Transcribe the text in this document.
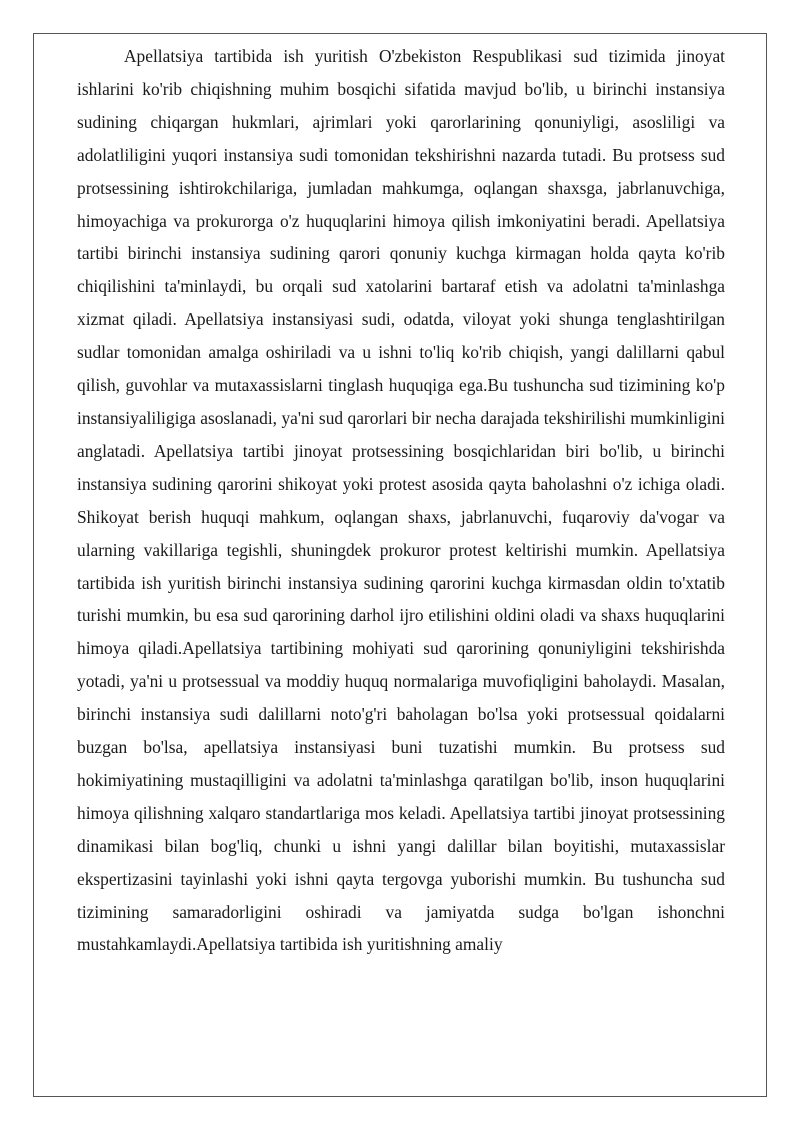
Apellatsiya tartibida ish yuritish O'zbekiston Respublikasi sud tizimida jinoyat ishlarini ko'rib chiqishning muhim bosqichi sifatida mavjud bo'lib, u birinchi instansiya sudining chiqargan hukmlari, ajrimlari yoki qarorlarining qonuniyligi, asosliligi va adolatliligini yuqori instansiya sudi tomonidan tekshirishni nazarda tutadi. Bu protsess sud protsessining ishtirokchilariga, jumladan mahkumga, oqlangan shaxsga, jabrlanuvchiga, himoyachiga va prokurorga o'z huquqlarini himoya qilish imkoniyatini beradi. Apellatsiya tartibi birinchi instansiya sudining qarori qonuniy kuchga kirmagan holda qayta ko'rib chiqilishini ta'minlaydi, bu orqali sud xatolarini bartaraf etish va adolatni ta'minlashga xizmat qiladi. Apellatsiya instansiyasi sudi, odatda, viloyat yoki shunga tenglashtirilgan sudlar tomonidan amalga oshiriladi va u ishni to'liq ko'rib chiqish, yangi dalillarni qabul qilish, guvohlar va mutaxassislarni tinglash huquqiga ega.Bu tushuncha sud tizimining ko'p instansiyaliligiga asoslanadi, ya'ni sud qarorlari bir necha darajada tekshirilishi mumkinligini anglatadi. Apellatsiya tartibi jinoyat protsessining bosqichlaridan biri bo'lib, u birinchi instansiya sudining qarorini shikoyat yoki protest asosida qayta baholashni o'z ichiga oladi. Shikoyat berish huquqi mahkum, oqlangan shaxs, jabrlanuvchi, fuqaroviy da'vogar va ularning vakillariga tegishli, shuningdek prokuror protest keltirishi mumkin. Apellatsiya tartibida ish yuritish birinchi instansiya sudining qarorini kuchga kirmasdan oldin to'xtatib turishi mumkin, bu esa sud qarorining darhol ijro etilishini oldini oladi va shaxs huquqlarini himoya qiladi.Apellatsiya tartibining mohiyati sud qarorining qonuniyligini tekshirishda yotadi, ya'ni u protsessual va moddiy huquq normalariga muvofiqligini baholaydi. Masalan, birinchi instansiya sudi dalillarni noto'g'ri baholagan bo'lsa yoki protsessual qoidalarni buzgan bo'lsa, apellatsiya instansiyasi buni tuzatishi mumkin. Bu protsess sud hokimiyatining mustaqilligini va adolatni ta'minlashga qaratilgan bo'lib, inson huquqlarini himoya qilishning xalqaro standartlariga mos keladi. Apellatsiya tartibi jinoyat protsessining dinamikasi bilan bog'liq, chunki u ishni yangi dalillar bilan boyitishi, mutaxassislar ekspertizasini tayinlashi yoki ishni qayta tergovga yuborishi mumkin. Bu tushuncha sud tizimining samaradorligini oshiradi va jamiyatda sudga bo'lgan ishonchni mustahkamlaydi.Apellatsiya tartibida ish yuritishning amaliy
